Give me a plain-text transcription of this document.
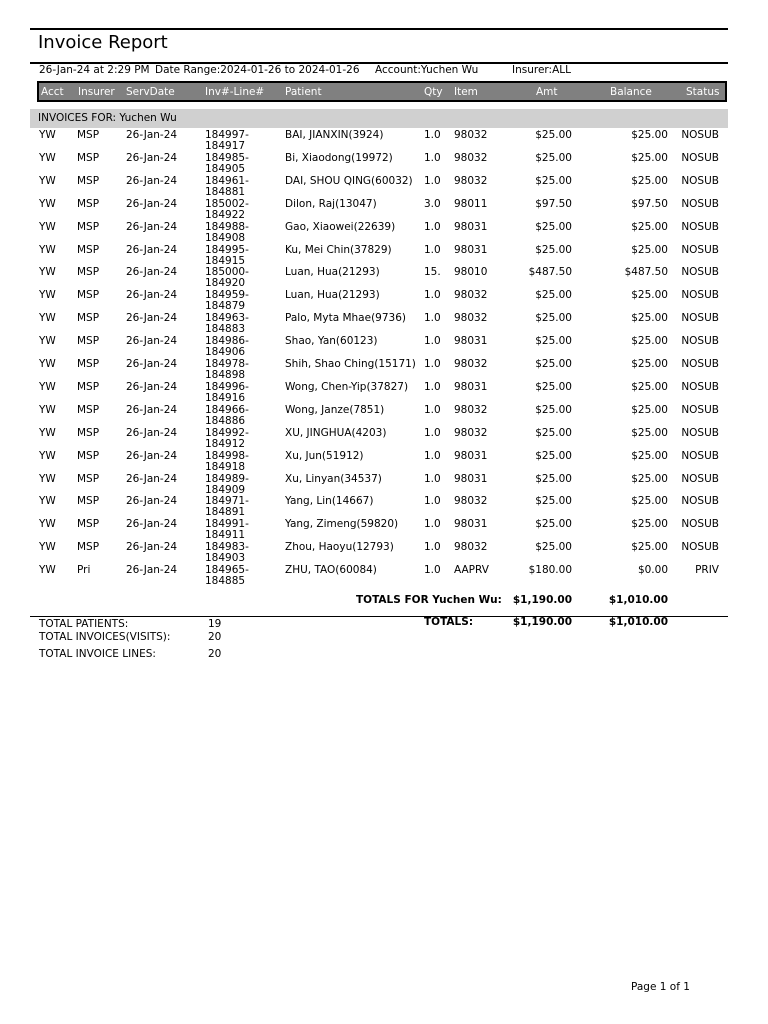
Invoice Report
26-Jan-24 at 2:29 PM Date Range:2024-01-26 to 2024-01-26 Account:Yuchen Wu	Insurer:ALL
Acct Insurer ServDate	Inv#-Line# Patient	Qty Item	Amt	Balance	Status
INVOICES FOR: Yuchen Wu
YW MSP	26-Jan-24	184997-
184917
BAI, JIANXIN(3924)	1.0 98032	$25.00	$25.00	NOSUB
YW MSP	26-Jan-24	184985-
184905
Bi, Xiaodong(19972)	1.0 98032	$25.00	$25.00	NOSUB
YW MSP	26-Jan-24	184961-
184881
DAI, SHOU QING(60032) 1.0 98032	$25.00	$25.00	NOSUB
YW MSP	26-Jan-24	185002-
184922
Dilon, Raj(13047)	3.0 98011	$97.50	$97.50	NOSUB
YW MSP	26-Jan-24	184988-
184908
Gao, Xiaowei(22639)	1.0 98031	$25.00	$25.00	NOSUB
YW MSP	26-Jan-24	184995-
184915
Ku, Mei Chin(37829)	1.0 98031	$25.00	$25.00	NOSUB
YW MSP	26-Jan-24	185000-
184920
Luan, Hua(21293)	15. 98010	$487.50	$487.50	NOSUB
YW MSP	26-Jan-24	184959-
184879
Luan, Hua(21293)	1.0 98032	$25.00	$25.00	NOSUB
YW MSP	26-Jan-24	184963-
184883
Palo, Myta Mhae(9736) 1.0 98032	$25.00	$25.00	NOSUB
YW MSP	26-Jan-24	184986-
184906
Shao, Yan(60123)	1.0 98031	$25.00	$25.00	NOSUB
YW MSP	26-Jan-24	184978-
184898
Shih, Shao Ching(15171) 1.0 98032	$25.00	$25.00	NOSUB
YW MSP	26-Jan-24	184996-
184916
Wong, Chen-Yip(37827) 1.0 98031	$25.00	$25.00	NOSUB
YW MSP	26-Jan-24	184966-
184886
Wong, Janze(7851)	1.0 98032	$25.00	$25.00	NOSUB
YW MSP	26-Jan-24	184992-
184912
XU, JINGHUA(4203)	1.0 98032	$25.00	$25.00	NOSUB
YW MSP	26-Jan-24	184998-
184918
Xu, Jun(51912)	1.0 98031	$25.00	$25.00	NOSUB
YW MSP	26-Jan-24	184989-
184909
Xu, Linyan(34537)	1.0 98031	$25.00	$25.00	NOSUB
YW MSP	26-Jan-24	184971-
184891
Yang, Lin(14667)	1.0 98032	$25.00	$25.00	NOSUB
YW MSP	26-Jan-24	184991-
184911
Yang, Zimeng(59820) 1.0 98031	$25.00	$25.00	NOSUB
YW MSP	26-Jan-24	184983-
184903
Zhou, Haoyu(12793)	1.0 98032	$25.00	$25.00	NOSUB
YW Pri	26-Jan-24	184965-
184885
ZHU, TAO(60084)	1.0 AAPRV	$180.00	$0.00	PRIV
TOTALS FOR Yuchen Wu:	$1,190.00	$1,010.00
TOTALS:	$1,190.00	$1,010.00
TOTAL PATIENTS:	19
TOTAL INVOICES(VISITS):	20
TOTAL INVOICE LINES:	20
Page 1 of 1
